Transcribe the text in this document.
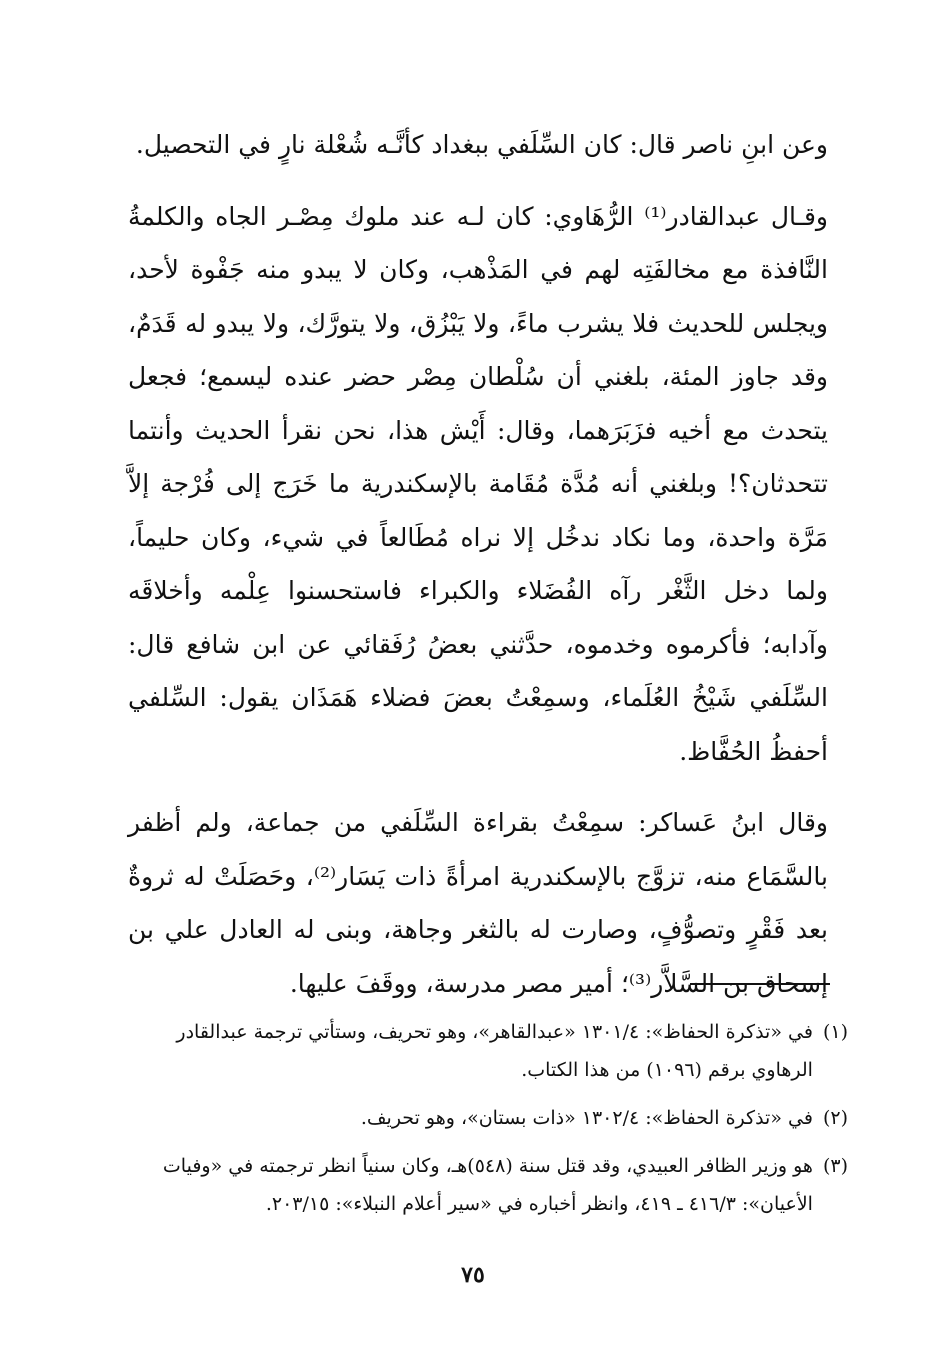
وعن ابنِ ناصر قال: كان السِّلَفي ببغداد كأنَّـه شُعْلة نارٍ في التحصيل.

وقـال عبدالقادر⁽¹⁾ الرُّهَاوي: كان لـه عند ملوك مِصْـر الجاه والكلمةُ النَّافذة مع مخالفَتِه لهم في المَذْهب، وكان لا يبدو منه جَفْوة لأحد، ويجلس للحديث فلا يشرب ماءً، ولا يَبْزُق، ولا يتورَّك، ولا يبدو له قَدَمٌ، وقد جاوز المئة، بلغني أن سُلْطان مِصْر حضر عنده ليسمع؛ فجعل يتحدث مع أخيه فزَبَرَهما، وقال: أَيْش هذا، نحن نقرأ الحديث وأنتما تتحدثان؟! وبلغني أنه مُدَّة مُقَامة بالإسكندرية ما خَرَج إلى فُرْجة إلاَّ مَرَّة واحدة، وما نكاد ندخُل إلا نراه مُطَالعاً في شيء، وكان حليماً، ولما دخل الثَّغْر رآه الفُضَلاء والكبراء فاستحسنوا عِلْمه وأخلاقَه وآدابه؛ فأكرموه وخدموه، حدَّثني بعضُ رُفَقائي عن ابن شافع قال: السِّلَفي شَيْخُ العُلَماء، وسمِعْتُ بعضَ فضلاء هَمَذَان يقول: السِّلفي أحفظُ الحُفَّاظ.

وقال ابنُ عَساكر: سمِعْتُ بقراءة السِّلَفي من جماعة، ولم أظفر بالسَّمَاع منه، تزوَّج بالإسكندرية امرأةً ذات يَسَار⁽²⁾، وحَصَلَتْ له ثروةٌ بعد فَقْرٍ وتصوُّفٍ، وصارت له بالثغر وجاهة، وبنى له العادل علي بن إسحاق بن السَّلاَّر⁽³⁾؛ أمير مصر مدرسة، ووقَفَ عليها.

(١)
في «تذكرة الحفاظ»: ١٣٠١/٤ «عبدالقاهر»، وهو تحريف، وستأتي ترجمة عبدالقادر الرهاوي برقم (١٠٩٦) من هذا الكتاب.
(٢)
في «تذكرة الحفاظ»: ١٣٠٢/٤ «ذات بستان»، وهو تحريف.
(٣)
هو وزير الظافر العبيدي، وقد قتل سنة (٥٤٨)هـ، وكان سنياً انظر ترجمته في «وفيات الأعيان»: ٤١٦/٣ ـ ٤١٩، وانظر أخباره في «سير أعلام النبلاء»: ٢٠٣/١٥.
٧٥
